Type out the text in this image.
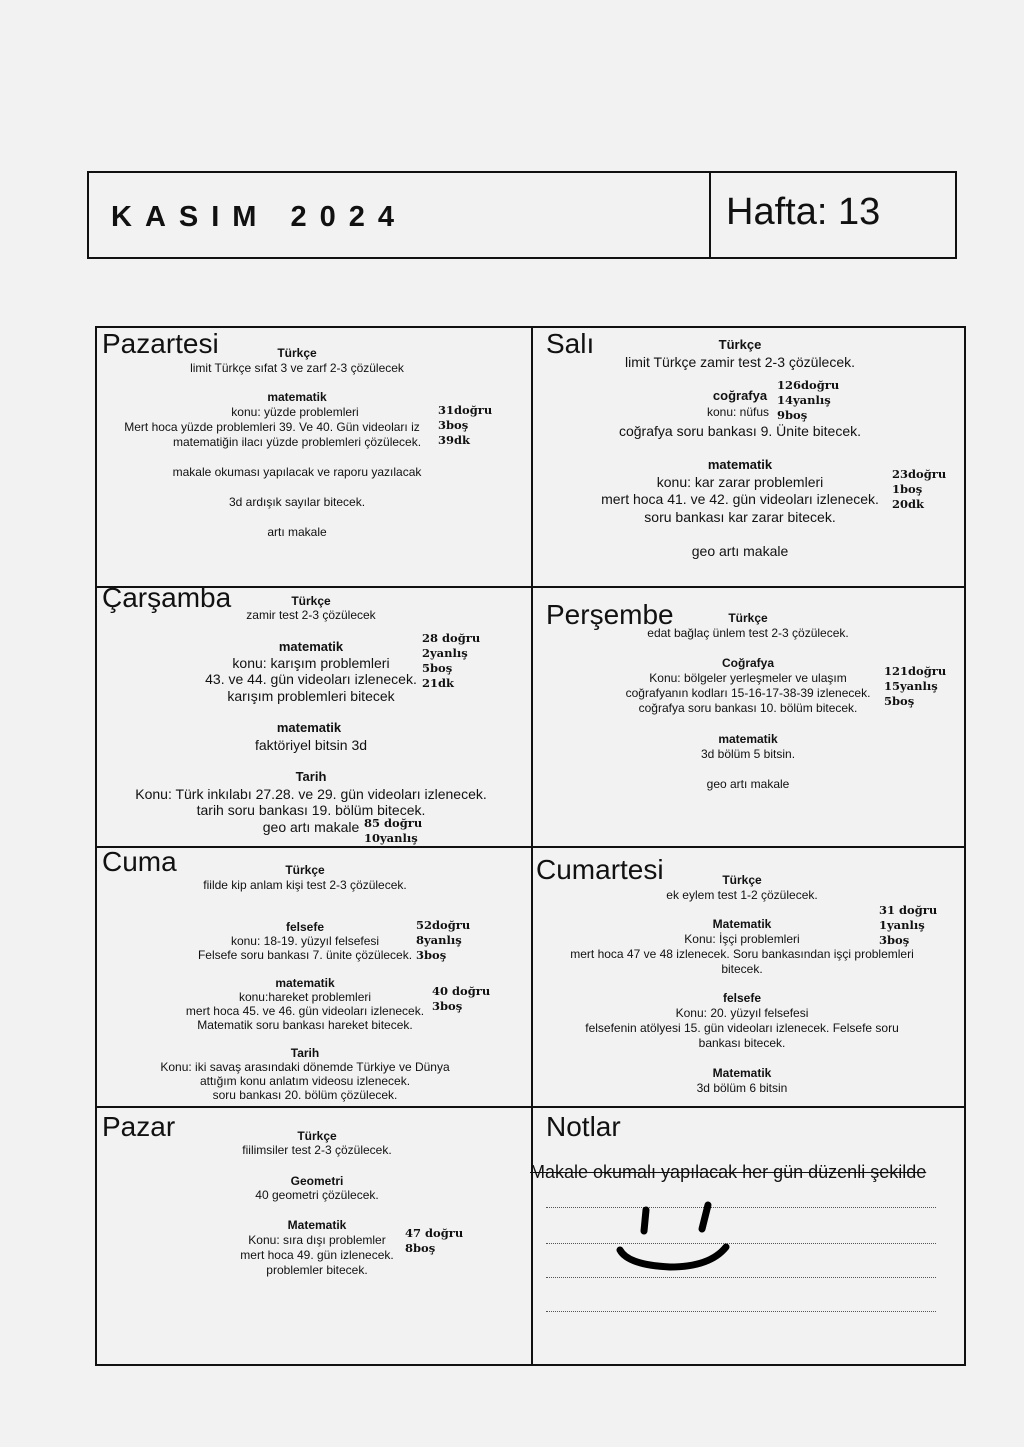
KASIM 2024	Hafta: 13
Pazartesi	Türkçe
limit Türkçe sıfat 3 ve zarf 2-3 çözülecek
matematik
konu: yüzde problemleri
Mert hoca yüzde problemleri 39. Ve 40. Gün videoları iz
matematiğin ilacı yüzde problemleri çözülecek.
makale okuması yapılacak ve raporu yazılacak
3d ardışık sayılar bitecek.
artı makale
31doğru
3boş
39dk
Salı	Türkçe
limit Türkçe zamir test 2-3 çözülecek.
coğrafya
konu: nüfus
coğrafya soru bankası 9. Ünite bitecek.
matematik
konu: kar zarar problemleri
mert hoca 41. ve 42. gün videoları izlenecek.
soru bankası kar zarar bitecek.
geo artı makale
126doğru
14yanlış
9boş
23doğru
1boş
20dk
Çarşamba	Türkçe
zamir test 2-3 çözülecek
matematik
konu: karışım problemleri
43. ve 44. gün videoları izlenecek.
karışım problemleri bitecek
matematik
faktöriyel bitsin 3d
Tarih
Konu: Türk inkılabı 27.28. ve 29. gün videoları izlenecek.
tarih soru bankası 19. bölüm bitecek.
geo artı makale
28 doğru
2yanlış
5boş
21dk
85 doğru
10yanlış
Perşembe	Türkçe
edat bağlaç ünlem test 2-3 çözülecek.
Coğrafya
Konu: bölgeler yerleşmeler ve ulaşım
coğrafyanın kodları 15-16-17-38-39 izlenecek.
coğrafya soru bankası 10. bölüm bitecek.
matematik
3d bölüm 5 bitsin.
geo artı makale
121doğru
15yanlış
5boş
Cuma	Türkçe
fiilde kip anlam kişi test 2-3 çözülecek.
felsefe
konu: 18-19. yüzyıl felsefesi
Felsefe soru bankası 7. ünite çözülecek.
matematik
konu:hareket problemleri
mert hoca 45. ve 46. gün videoları izlenecek.
Matematik soru bankası hareket bitecek.
Tarih
Konu: iki savaş arasındaki dönemde Türkiye ve Dünya
attığım konu anlatım videosu izlenecek.
soru bankası 20. bölüm çözülecek.
52doğru
8yanlış
3boş
40 doğru
3boş
Cumartesi	Türkçe
ek eylem test 1-2 çözülecek.
Matematik
Konu: İşçi problemleri
mert hoca 47 ve 48 izlenecek. Soru bankasından işçi problemleri
bitecek.
felsefe
Konu: 20. yüzyıl felsefesi
felsefenin atölyesi 15. gün videoları izlenecek. Felsefe soru
bankası bitecek.
Matematik
3d bölüm 6 bitsin
31 doğru
1yanlış
3boş
Pazar	Türkçe
fiilimsiler test 2-3 çözülecek.
Geometri
40 geometri çözülecek.
Matematik
Konu: sıra dışı problemler
mert hoca 49. gün izlenecek.
problemler bitecek.
47 doğru
8boş
Notlar
Makale okumalı yapılacak her gün düzenli şekilde
